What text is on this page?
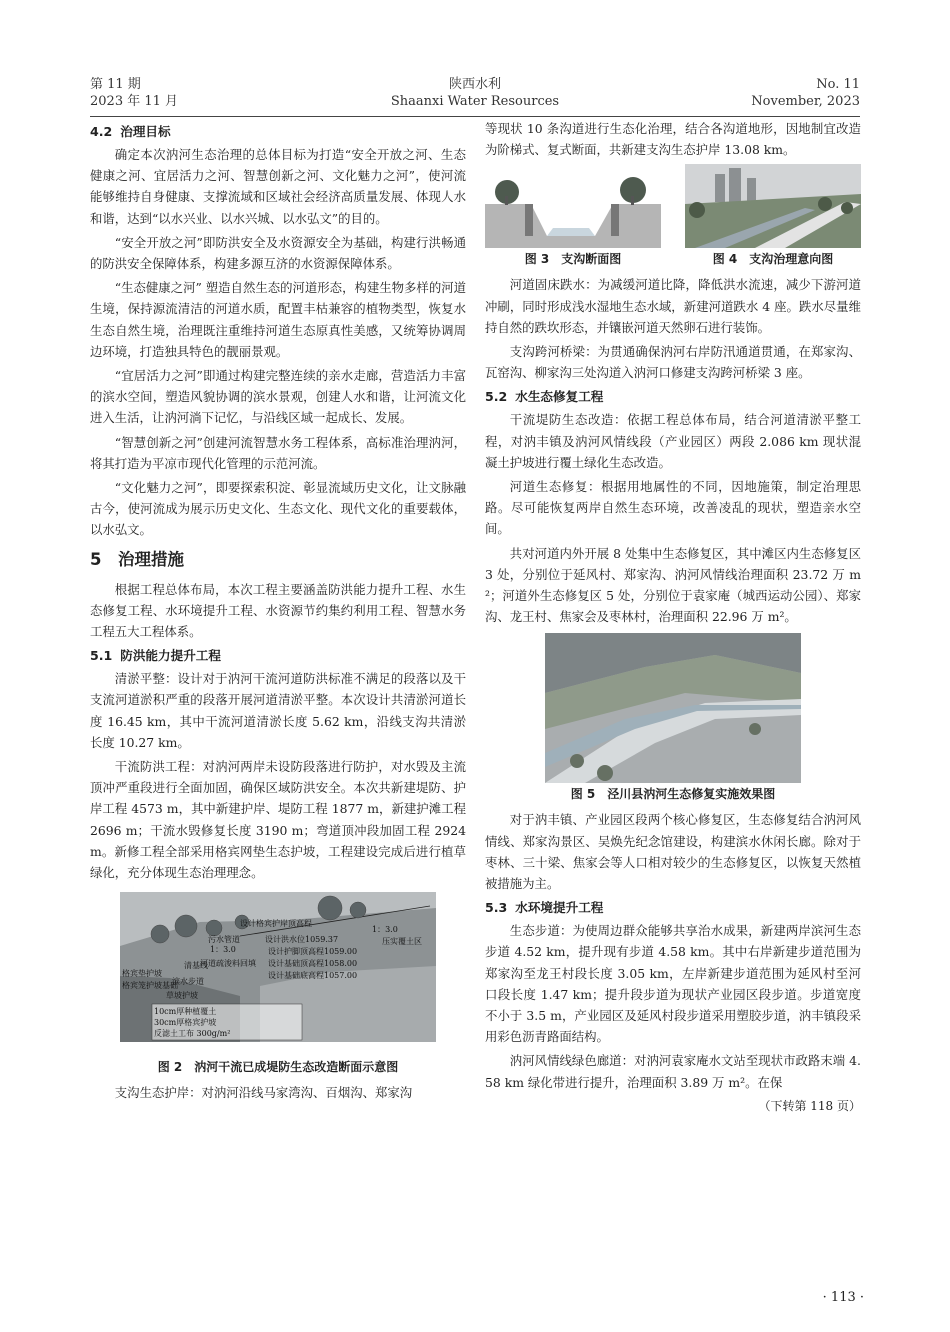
第 11 期
2023 年 11 月
陕西水利
Shaanxi Water Resources
No. 11
November, 2023
4.2 治理目标

确定本次汭河生态治理的总体目标为打造“安全开放之河、生态健康之河、宜居活力之河、智慧创新之河、文化魅力之河”，使河流能够维持自身健康、支撑流域和区域社会经济高质量发展、体现人水和谐，达到“以水兴业、以水兴城、以水弘文”的目的。

“安全开放之河”即防洪安全及水资源安全为基础，构建行洪畅通的防洪安全保障体系，构建多源互济的水资源保障体系。

“生态健康之河” 塑造自然生态的河道形态，构建生物多样的河道生境，保持源流清洁的河道水质，配置丰枯兼容的植物类型，恢复水生态自然生境，治理既注重维持河道生态原真性美感，又统筹协调周边环境，打造独具特色的靓丽景观。

“宜居活力之河”即通过构建完整连续的亲水走廊，营造活力丰富的滨水空间，塑造风貌协调的滨水景观，创建人水和谐，让河流文化进入生活，让汭河淌下记忆，与沿线区域一起成长、发展。

“智慧创新之河”创建河流智慧水务工程体系，高标准治理汭河，将其打造为平凉市现代化管理的示范河流。

“文化魅力之河”，即要探索积淀、彰显流域历史文化，让文脉融古今，使河流成为展示历史文化、生态文化、现代文化的重要载体，以水弘文。

5 治理措施

根据工程总体布局，本次工程主要涵盖防洪能力提升工程、水生态修复工程、水环境提升工程、水资源节约集约利用工程、智慧水务工程五大工程体系。

5.1 防洪能力提升工程

清淤平整：设计对于汭河干流河道防洪标准不满足的段落以及干支流河道淤积严重的段落开展河道清淤平整。本次设计共清淤河道长度 16.45 km，其中干流河道清淤长度 5.62 km，沿线支沟共清淤长度 10.27 km。

干流防洪工程：对汭河两岸未设防段落进行防护，对水毁及主流顶冲严重段进行全面加固，确保区域防洪安全。本次共新建堤防、护岸工程 4573 m，其中新建护岸、堤防工程 1877 m，新建护滩工程 2696 m；干流水毁修复长度 3190 m；弯道顶冲段加固工程 2924 m。新修工程全部采用格宾网垫生态护坡，工程建设完成后进行植草绿化，充分体现生态治理理念。

设计格宾护岸顶高程
污水管道	设计洪水位1059.37
1：3.0
压实覆土区
1：3.0
河道疏浚料回填
设计护脚顶高程1059.00
设计基础顶高程1058.00
设计基础底高程1057.00
滨水步道
清基线
格宾垫护坡
格宾笼护坡基础
草坡护坡
10cm厚种植覆土
30cm厚格宾护坡
反滤土工布 300g/m²
图 2　汭河干流已成堤防生态改造断面示意图

支沟生态护岸：对汭河沿线马家湾沟、百烟沟、郑家沟

等现状 10 条沟道进行生态化治理，结合各沟道地形，因地制宜改造为阶梯式、复式断面，共新建支沟生态护岸 13.08 km。

图 3　支沟断面图	图 4　支沟治理意向图

河道固床跌水：为减缓河道比降，降低洪水流速，减少下游河道冲刷，同时形成浅水湿地生态水域，新建河道跌水 4 座。跌水尽量维持自然的跌坎形态，并镶嵌河道天然卵石进行装饰。

支沟跨河桥梁：为贯通确保汭河右岸防汛通道贯通，在郑家沟、瓦窑沟、柳家沟三处沟道入汭河口修建支沟跨河桥梁 3 座。

5.2 水生态修复工程

干流堤防生态改造：依据工程总体布局，结合河道清淤平整工程，对汭丰镇及汭河风情线段（产业园区）两段 2.086 km 现状混凝土护坡进行覆土绿化生态改造。

河道生态修复：根据用地属性的不同，因地施策，制定治理思路。尽可能恢复两岸自然生态环境，改善凌乱的现状，塑造亲水空间。

共对河道内外开展 8 处集中生态修复区，其中滩区内生态修复区 3 处，分别位于延风村、郑家沟、汭河风情线治理面积 23.72 万 m²；河道外生态修复区 5 处，分别位于袁家庵（城西运动公园）、郑家沟、龙王村、焦家会及枣林村，治理面积 22.96 万 m²。

图 5　泾川县汭河生态修复实施效果图

对于汭丰镇、产业园区段两个核心修复区，生态修复结合汭河风情线、郑家沟景区、吴焕先纪念馆建设，构建滨水休闲长廊。除对于枣林、三十梁、焦家会等人口相对较少的生态修复区，以恢复天然植被措施为主。

5.3 水环境提升工程

生态步道：为使周边群众能够共享治水成果，新建两岸滨河生态步道 4.52 km，提升现有步道 4.58 km。其中右岸新建步道范围为郑家沟至龙王村段长度 3.05 km，左岸新建步道范围为延风村至河口段长度 1.47 km；提升段步道为现状产业园区段步道。步道宽度不小于 3.5 m，产业园区及延风村段步道采用塑胶步道，汭丰镇段采用彩色沥青路面结构。

汭河风情线绿色廊道：对汭河袁家庵水文站至现状市政路末端 4.58 km 绿化带进行提升，治理面积 3.89 万 m²。在保

（下转第 118 页）
· 113 ·
